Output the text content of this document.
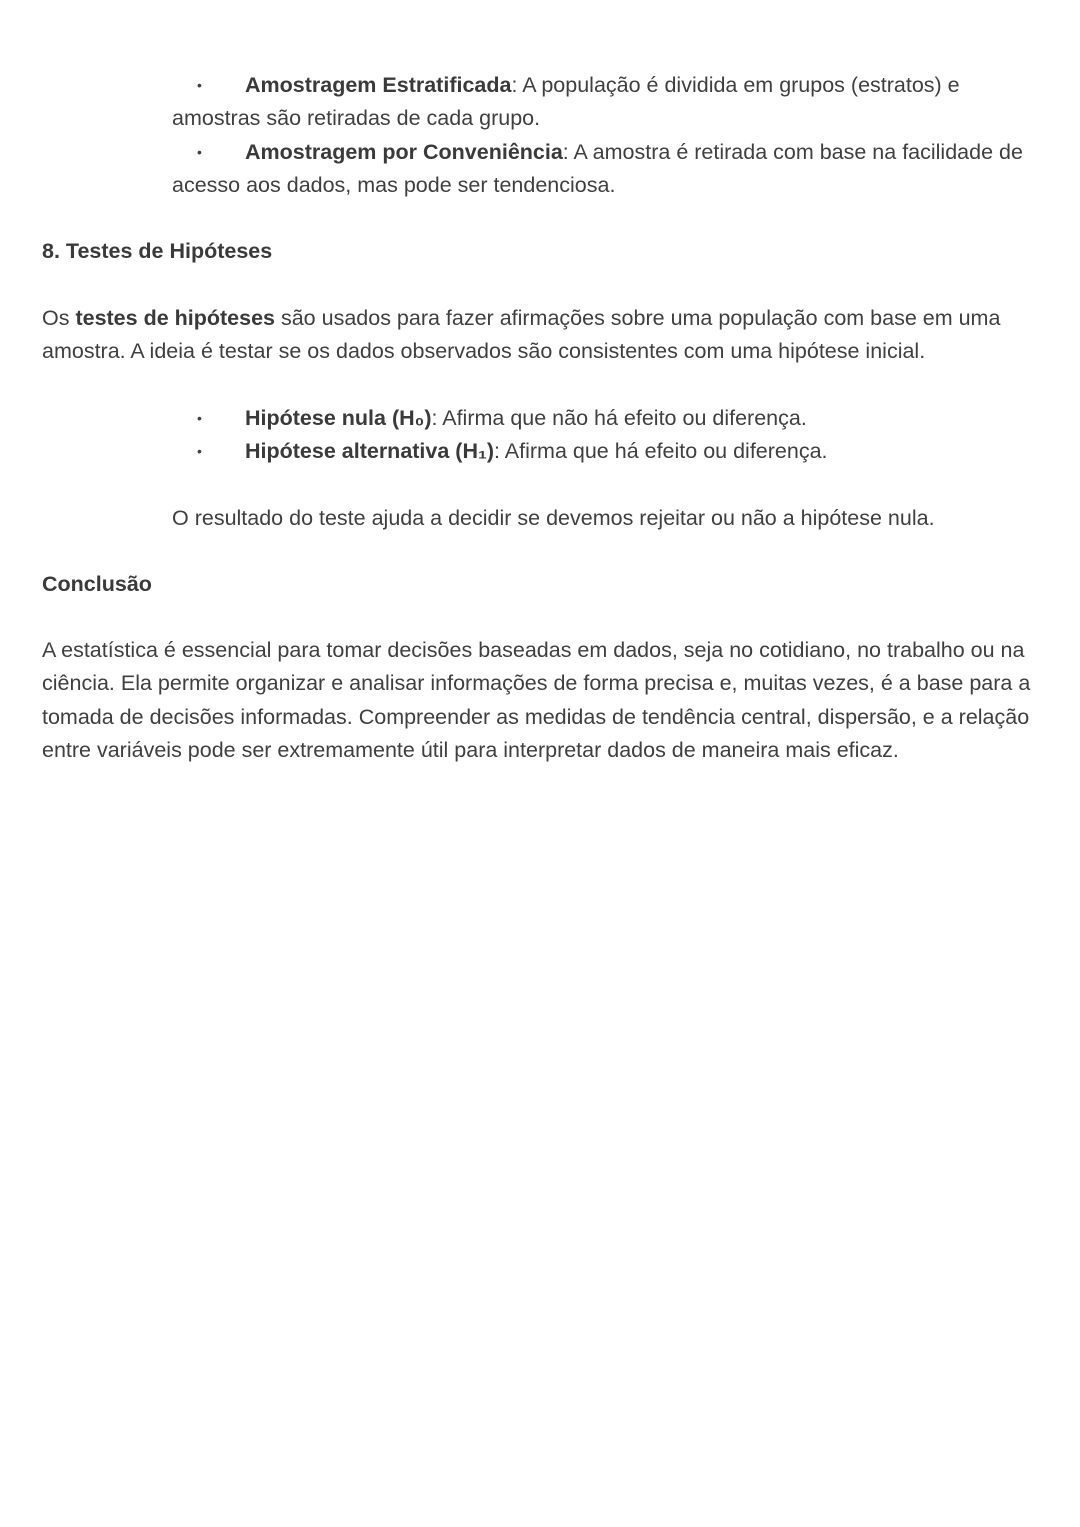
• Amostragem Estratificada: A população é dividida em grupos (estratos) e amostras são retiradas de cada grupo.
• Amostragem por Conveniência: A amostra é retirada com base na facilidade de acesso aos dados, mas pode ser tendenciosa.
8. Testes de Hipóteses

Os testes de hipóteses são usados para fazer afirmações sobre uma população com base em uma amostra. A ideia é testar se os dados observados são consistentes com uma hipótese inicial.

• Hipótese nula (H₀): Afirma que não há efeito ou diferença.
• Hipótese alternativa (H₁): Afirma que há efeito ou diferença.

O resultado do teste ajuda a decidir se devemos rejeitar ou não a hipótese nula.

Conclusão

A estatística é essencial para tomar decisões baseadas em dados, seja no cotidiano, no trabalho ou na ciência. Ela permite organizar e analisar informações de forma precisa e, muitas vezes, é a base para a tomada de decisões informadas. Compreender as medidas de tendência central, dispersão, e a relação entre variáveis pode ser extremamente útil para interpretar dados de maneira mais eficaz.
